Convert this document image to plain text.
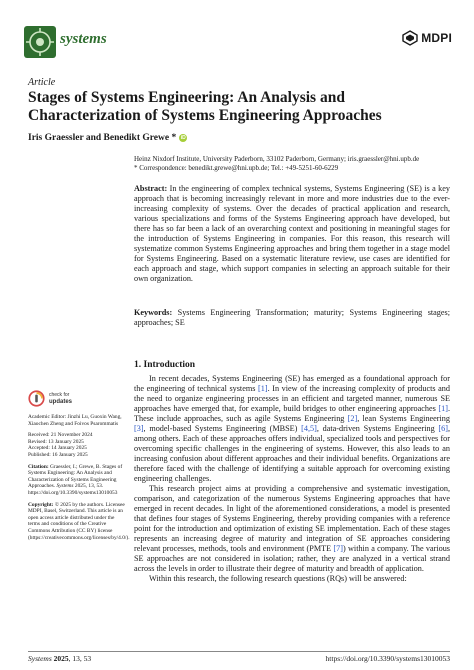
systems	MDPI
Article
Stages of Systems Engineering: An Analysis and Characterization of Systems Engineering Approaches
Iris Graessler and Benedikt Grewe * iD
Heinz Nixdorf Institute, University Paderborn, 33102 Paderborn, Germany; iris.graessler@hni.upb.de
* Correspondence: benedikt.grewe@hni.upb.de; Tel.: +49-5251-60-6229
Abstract: In the engineering of complex technical systems, Systems Engineering (SE) is a key approach that is becoming increasingly relevant in more and more industries due to the ever-increasing complexity of systems. Over the decades of practical application and research, various specializations and forms of the Systems Engineering approach have developed, but there has so far been a lack of an overarching context and positioning in meaningful stages for the introduction of Systems Engineering in companies. For this reason, this research will systematize common Systems Engineering approaches and bring them together in a stage model for Systems Engineering. Based on a systematic literature review, use cases are identified for each approach and stage, which support companies in selecting an approach suitable for their own organization.
Keywords: Systems Engineering Transformation; maturity; Systems Engineering stages; approaches; SE
1. Introduction

In recent decades, Systems Engineering (SE) has emerged as a foundational approach for the engineering of technical systems [1]. In view of the increasing complexity of products and the need to organize engineering processes in an efficient and targeted manner, numerous SE approaches have emerged that, for example, build bridges to other engineering approaches [1]. These include approaches, such as agile Systems Engineering [2], lean Systems Engineering [3], model-based Systems Engineering (MBSE) [4,5], data-driven Systems Engineering [6], among others. Each of these approaches offers individual, specialized tools and perspectives for overcoming specific challenges in the engineering of systems. However, this also leads to an increasing confusion about different approaches and their individual benefits. Organizations are therefore faced with the challenge of identifying a suitable approach for overcoming existing engineering challenges.

This research project aims at providing a comprehensive and systematic investigation, comparison, and categorization of the numerous Systems Engineering approaches that have emerged in recent decades. In light of the aforementioned considerations, a model is presented that defines four stages of Systems Engineering, thereby providing companies with a reference point for the introduction and optimization of existing SE implementation. Each of these stages represents an increasing degree of maturity and integration of SE approaches considering relevant processes, methods, tools and environment (PMTE [7]) within a company. The various SE approaches are not considered in isolation; rather, they are analyzed in a vertical strand across the levels in order to illustrate their degree of maturity and breadth of application.

Within this research, the following research questions (RQs) will be answered:

check for
updates
Academic Editor: Jinzhi Lu, Guoxin Wang, Xiaochen Zheng and Foivos Psarommatis
Received: 21 November 2024
Revised: 13 January 2025
Accepted: 14 January 2025
Published: 16 January 2025
Citation: Graessler, I.; Grewe, B. Stages of Systems Engineering: An Analysis and Characterization of Systems Engineering Approaches. Systems 2025, 13, 53. https://doi.org/10.3390/systems13010053
Copyright: © 2025 by the authors. Licensee MDPI, Basel, Switzerland. This article is an open access article distributed under the terms and conditions of the Creative Commons Attribution (CC BY) license (https://creativecommons.org/licenses/by/4.0/).
Systems 2025, 13, 53	https://doi.org/10.3390/systems13010053
